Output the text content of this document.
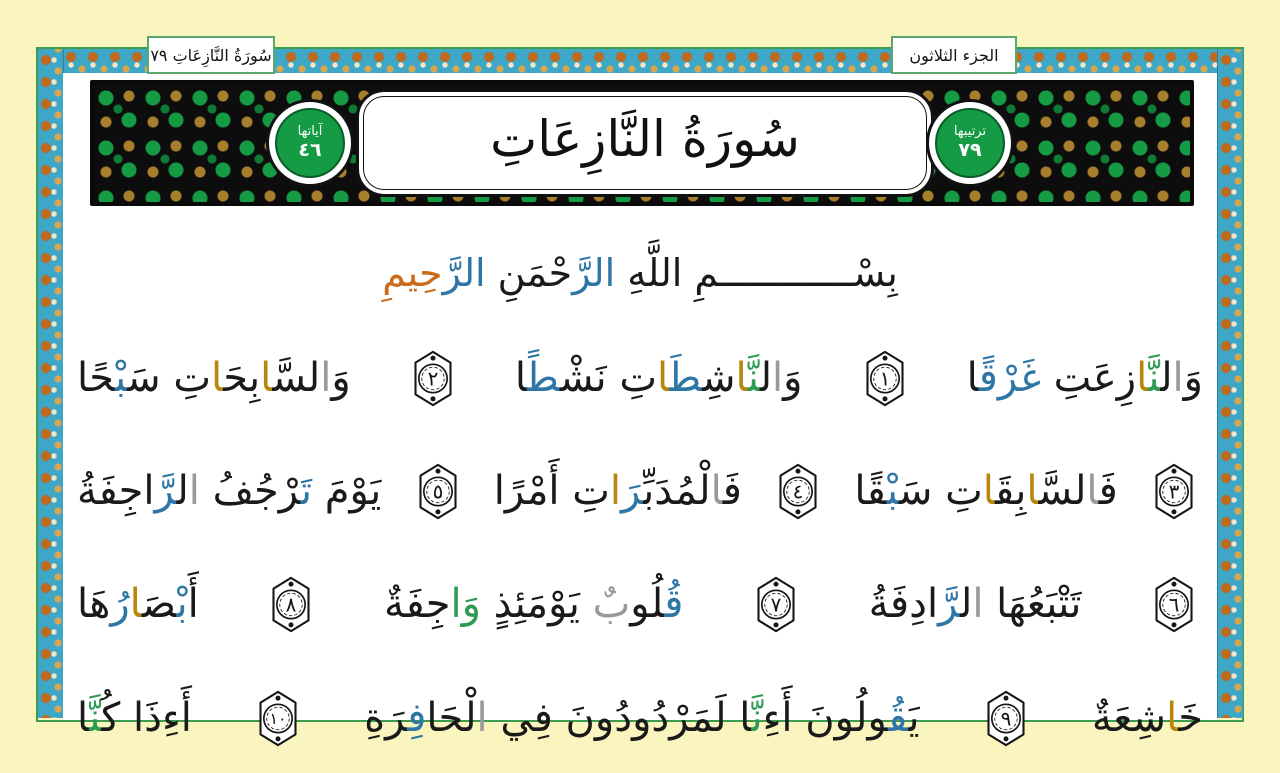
سُورَةُ النَّازِعَاتِ ٧٩	الجزء الثلاثون
سُورَةُ النَّازِعَاتِ
آياتها
٤٦
ترتيبها
٧٩
بِسْــــــــــــمِ اللَّهِ الرَّحْمَنِ الرَّحِيمِ
وَالنَّازِعَتِ غَرْقًا
١
وَالنَّاشِطَاتِ نَشْطًا
٢
وَالسَّابِحَاتِ سَبْحًا
٣
فَالسَّابِقَاتِ سَبْقًا
٤
فَالْمُدَبِّرَاتِ أَمْرًا
٥
يَوْمَ تَرْجُفُ الرَّاجِفَةُ
٦
تَتْبَعُهَا الرَّادِفَةُ
٧
قُلُوبٌ يَوْمَئِذٍ وَاجِفَةٌ
٨
أَبْصَارُهَا
خَاشِعَةٌ
٩
يَقُولُونَ أَءِنَّا لَمَرْدُودُونَ فِي الْحَافِرَةِ
١٠
أَءِذَا كُنَّا
